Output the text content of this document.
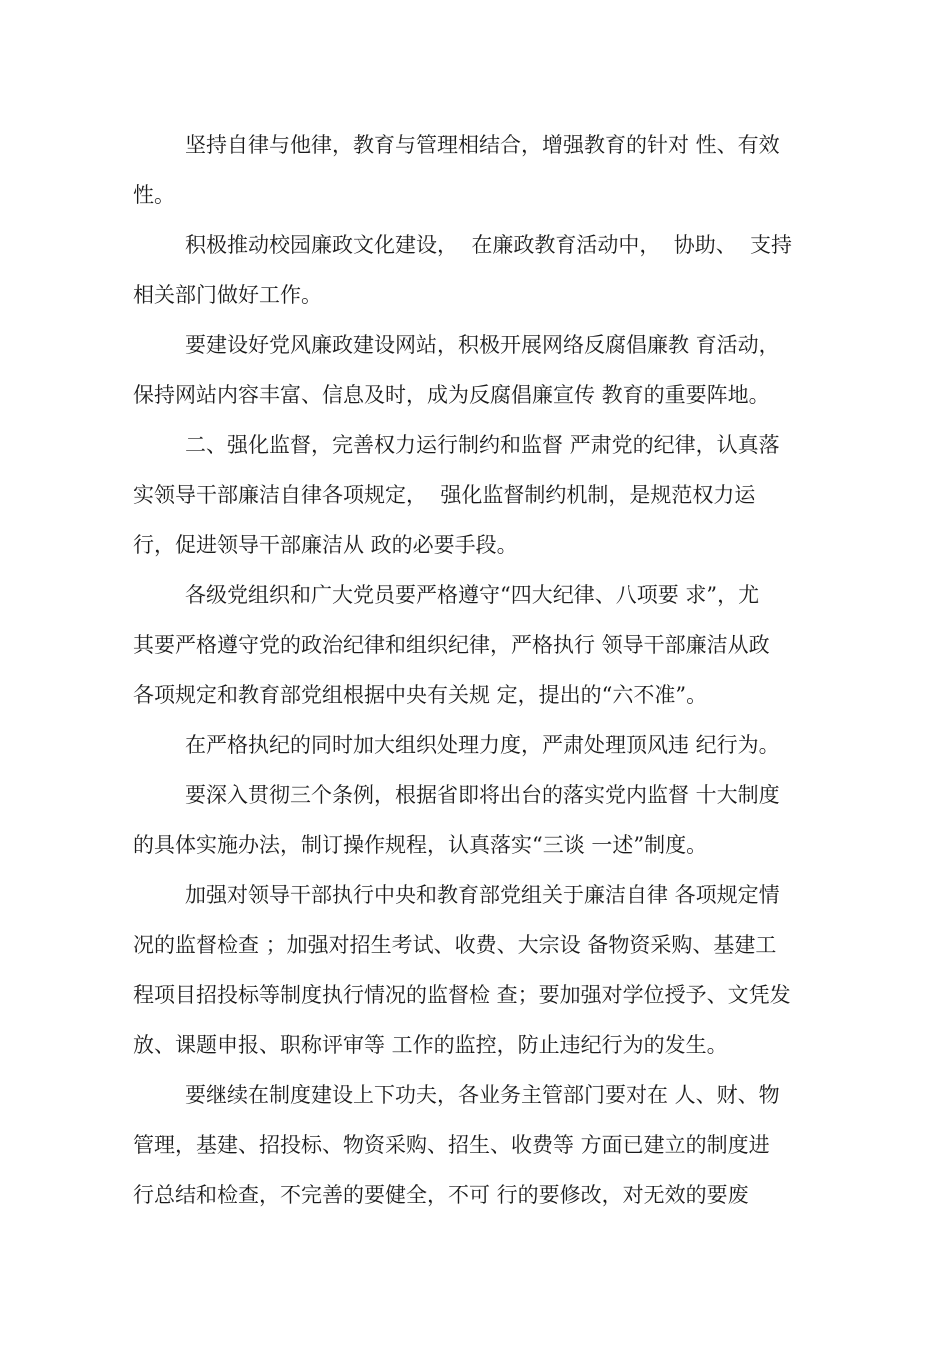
坚持自律与他律，教育与管理相结合，增强教育的针对 性、有效
性。
积极推动校园廉政文化建设，  在廉政教育活动中，  协助、  支持
相关部门做好工作。
要建设好党风廉政建设网站，积极开展网络反腐倡廉教 育活动，
保持网站内容丰富、信息及时，成为反腐倡廉宣传 教育的重要阵地。
二、强化监督，完善权力运行制约和监督 严肃党的纪律，认真落
实领导干部廉洁自律各项规定，  强化监督制约机制，是规范权力运
行，促进领导干部廉洁从 政的必要手段。
各级党组织和广大党员要严格遵守“四大纪律、八项要 求”，尤
其要严格遵守党的政治纪律和组织纪律，严格执行 领导干部廉洁从政
各项规定和教育部党组根据中央有关规 定，提出的“六不准”。
在严格执纪的同时加大组织处理力度，严肃处理顶风违 纪行为。
要深入贯彻三个条例，根据省即将出台的落实党内监督 十大制度
的具体实施办法，制订操作规程，认真落实“三谈 一述”制度。
加强对领导干部执行中央和教育部党组关于廉洁自律 各项规定情
况的监督检查 ；加强对招生考试、收费、大宗设 备物资采购、基建工
程项目招投标等制度执行情况的监督检 查；要加强对学位授予、文凭发
放、课题申报、职称评审等 工作的监控，防止违纪行为的发生。
要继续在制度建设上下功夫，各业务主管部门要对在 人、财、物
管理，基建、招投标、物资采购、招生、收费等 方面已建立的制度进
行总结和检查，不完善的要健全，不可 行的要修改，对无效的要废
